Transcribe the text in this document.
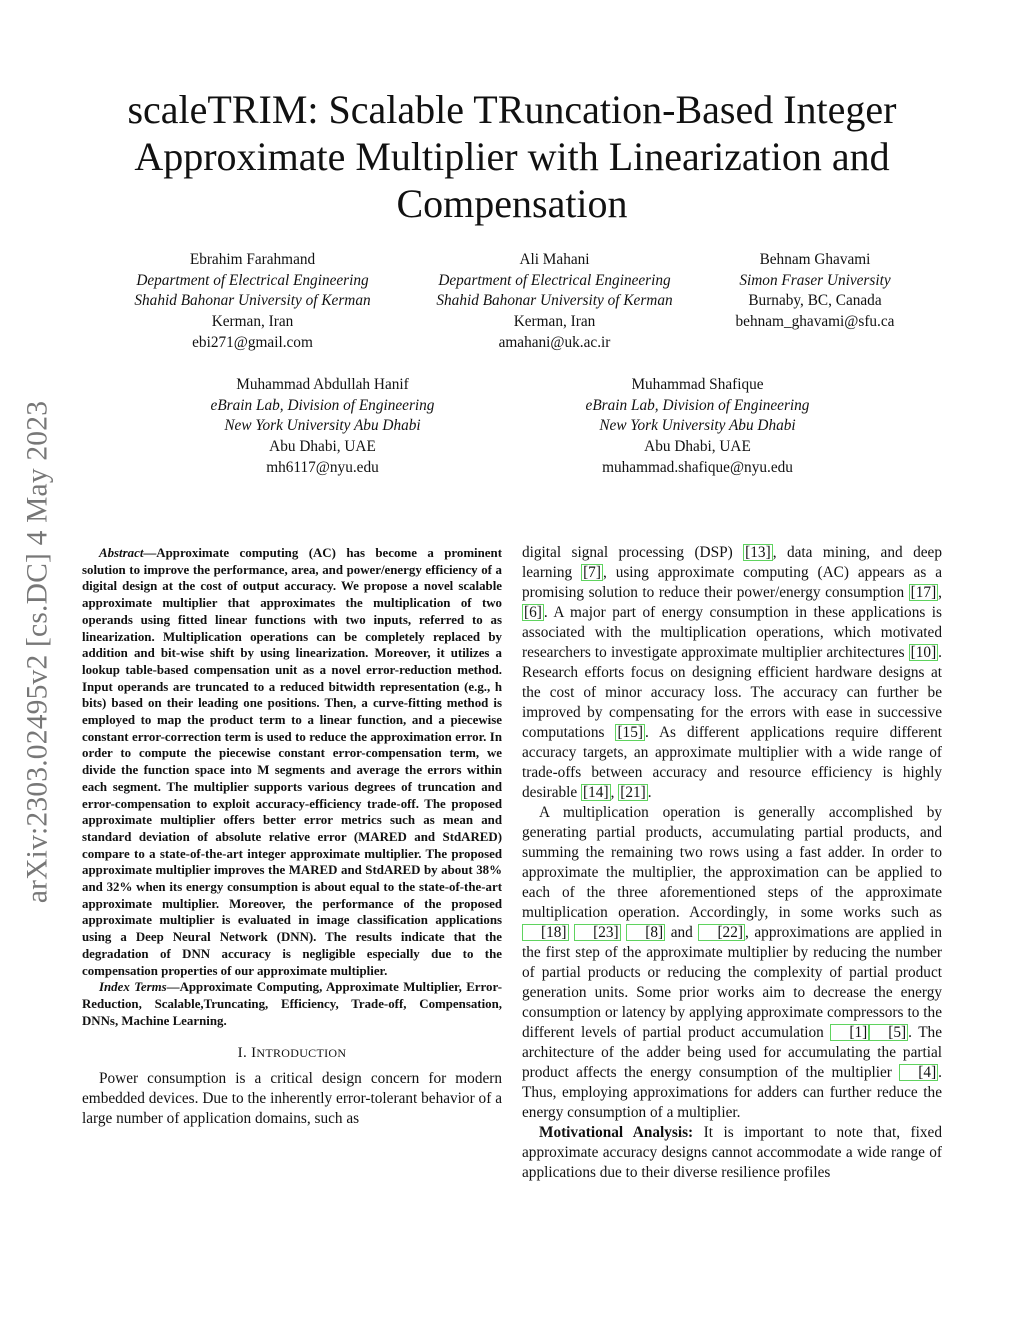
arXiv:2303.02495v2 [cs.DC] 4 May 2023
scaleTRIM: Scalable TRuncation-Based Integer Approximate Multiplier with Linearization and Compensation
Ebrahim Farahmand
Department of Electrical Engineering
Shahid Bahonar University of Kerman
Kerman, Iran
ebi271@gmail.com
Ali Mahani
Department of Electrical Engineering
Shahid Bahonar University of Kerman
Kerman, Iran
amahani@uk.ac.ir
Behnam Ghavami
Simon Fraser University
Burnaby, BC, Canada
behnam_ghavami@sfu.ca
Muhammad Abdullah Hanif
eBrain Lab, Division of Engineering
New York University Abu Dhabi
Abu Dhabi, UAE
mh6117@nyu.edu
Muhammad Shafique
eBrain Lab, Division of Engineering
New York University Abu Dhabi
Abu Dhabi, UAE
muhammad.shafique@nyu.edu

Abstract—Approximate computing (AC) has become a prominent solution to improve the performance, area, and power/energy efficiency of a digital design at the cost of output accuracy. We propose a novel scalable approximate multiplier that approximates the multiplication of two operands using fitted linear functions with two inputs, referred to as linearization. Multiplication operations can be completely replaced by addition and bit-wise shift by using linearization. Moreover, it utilizes a lookup table-based compensation unit as a novel error-reduction method. Input operands are truncated to a reduced bitwidth representation (e.g., h bits) based on their leading one positions. Then, a curve-fitting method is employed to map the product term to a linear function, and a piecewise constant error-correction term is used to reduce the approximation error. In order to compute the piecewise constant error-compensation term, we divide the function space into M segments and average the errors within each segment. The multiplier supports various degrees of truncation and error-compensation to exploit accuracy-efficiency trade-off. The proposed approximate multiplier offers better error metrics such as mean and standard deviation of absolute relative error (MARED and StdARED) compare to a state-of-the-art integer approximate multiplier. The proposed approximate multiplier improves the MARED and StdARED by about 38% and 32% when its energy consumption is about equal to the state-of-the-art approximate multiplier. Moreover, the performance of the proposed approximate multiplier is evaluated in image classification applications using a Deep Neural Network (DNN). The results indicate that the degradation of DNN accuracy is negligible especially due to the compensation properties of our approximate multiplier.

Index Terms—Approximate Computing, Approximate Multiplier, Error-Reduction, Scalable,Truncating, Efficiency, Trade-off, Compensation, DNNs, Machine Learning.

I. INTRODUCTION

Power consumption is a critical design concern for modern embedded devices. Due to the inherently error-tolerant behavior of a large number of application domains, such as

digital signal processing (DSP) [13] , data mining, and deep learning [7] , using approximate computing (AC) appears as a promising solution to reduce their power/energy consumption [17] , [6] . A major part of energy consumption in these applications is associated with the multiplication operations, which motivated researchers to investigate approximate multiplier architectures [10] . Research efforts focus on designing efficient hardware designs at the cost of minor accuracy loss. The accuracy can further be improved by compensating for the errors with ease in successive computations [15] . As different applications require different accuracy targets, an approximate multiplier with a wide range of trade-offs between accuracy and resource efficiency is highly desirable [14] , [21] .

A multiplication operation is generally accomplished by generating partial products, accumulating partial products, and summing the remaining two rows using a fast adder. In order to approximate the multiplier, the approximation can be applied to each of the three aforementioned steps of the approximate multiplication operation. Accordingly, in some works such as [18] [23] [8] and [22] , approximations are applied in the first step of the approximate multiplier by reducing the number of partial products or reducing the complexity of partial product generation units. Some prior works aim to decrease the energy consumption or latency by applying approximate compressors to the different levels of partial product accumulation [1] [5] . The architecture of the adder being used for accumulating the partial product affects the energy consumption of the multiplier [4] . Thus, employing approximations for adders can further reduce the energy consumption of a multiplier.

Motivational Analysis: It is important to note that, fixed approximate accuracy designs cannot accommodate a wide range of applications due to their diverse resilience profiles
